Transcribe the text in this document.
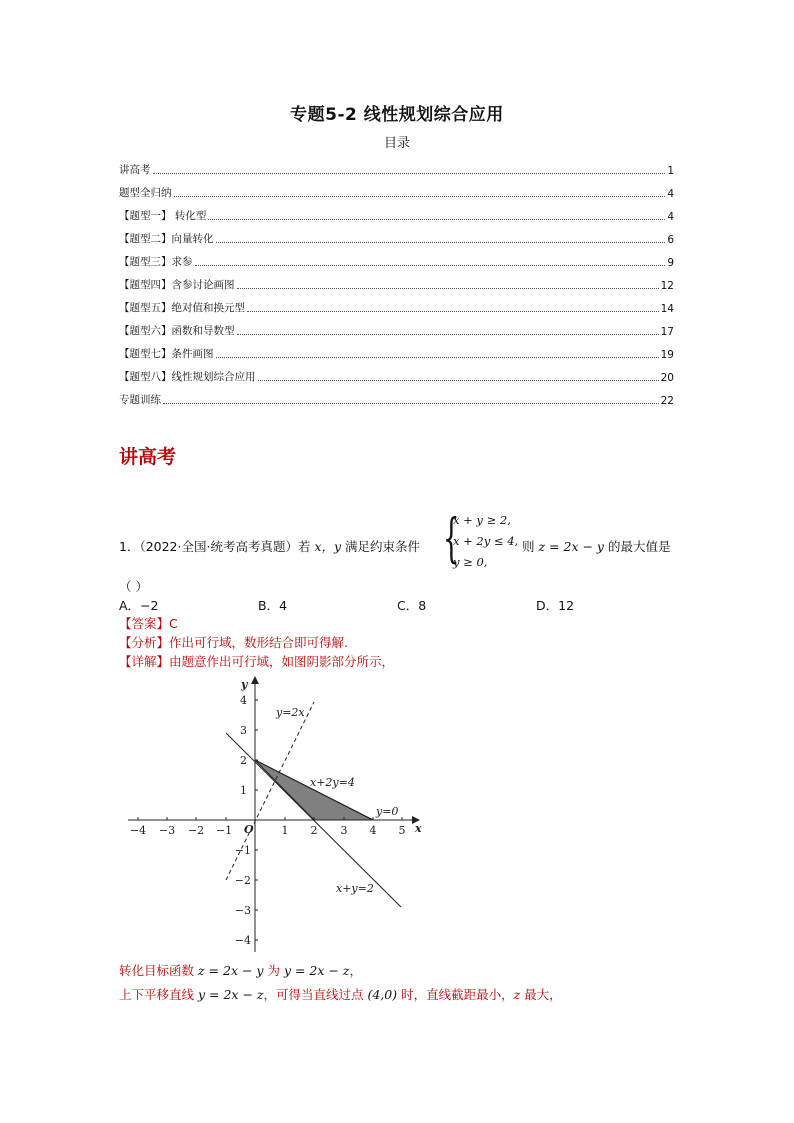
专题5-2 线性规划综合应用
目录
讲高考	1
题型全归纳	4
【题型一】 转化型	4
【题型二】向量转化	6
【题型三】求参	9
【题型四】含参讨论画图	12
【题型五】绝对值和换元型	14
【题型六】函数和导数型	17
【题型七】条件画图	19
【题型八】线性规划综合应用	20
专题训练	22
讲高考
1．（2022·全国·统考高考真题）若 x，y 满足约束条件 {
x + y ≥ 2,
x + 2y ≤ 4,
y ≥ 0,
则 z = 2x − y 的最大值是
（ ）
A．−2	B．4	C．8	D．12
【答案】C
【分析】作出可行域，数形结合即可得解.
【详解】由题意作出可行域，如图阴影部分所示，
−4 −3 −2 −1	1 2 3 4 5
4
3
2
1
−1
−2
−3
−4
O	x
y
y=2x
x+2y=4
y=0
x+y=2
转化目标函数 z = 2x − y 为 y = 2x − z，
上下平移直线 y = 2x − z，可得当直线过点 (4,0) 时，直线截距最小，z 最大，
